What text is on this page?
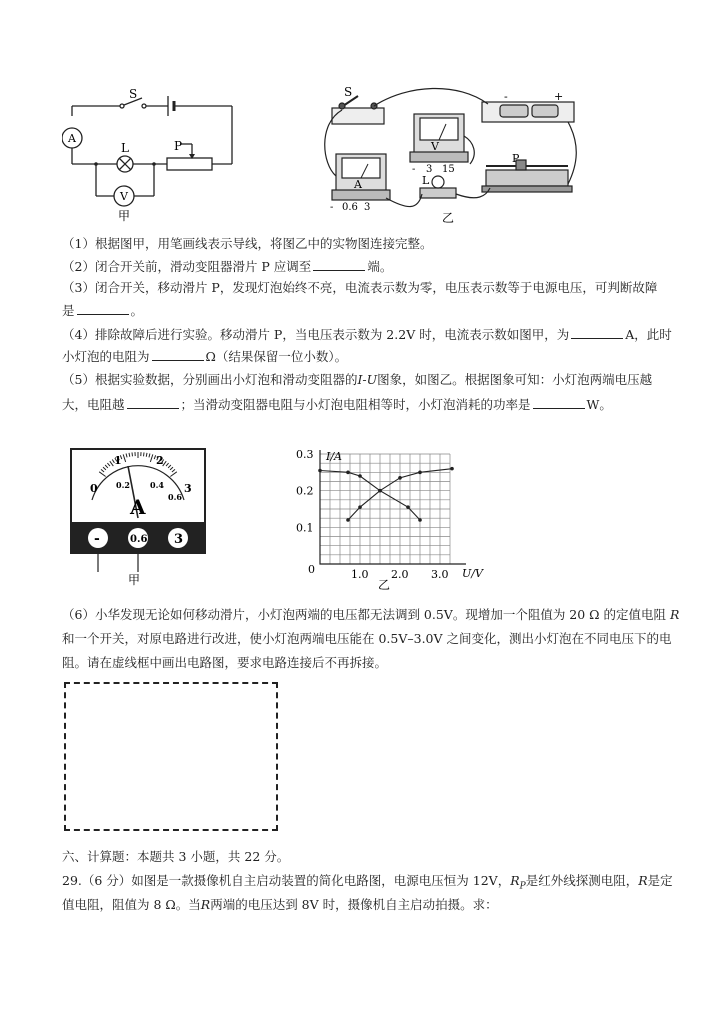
S
A
L	P
V
甲
S
V
A	L
P
- 3 15
- 0.6 3
-	+
乙
（1）根据图甲，用笔画线表示导线，将图乙中的实物图连接完整。
（2）闭合开关前，滑动变阻器滑片 P 应调至	端。
（3）闭合开关，移动滑片 P，发现灯泡始终不亮，电流表示数为零，电压表示数等于电源电压，可判断故障
是	。
（4）排除故障后进行实验。移动滑片 P，当电压表示数为 2.2V 时，电流表示数如图甲，为	A，此时
小灯泡的电阻为	Ω（结果保留一位小数）。
（5）根据实验数据，分别画出小灯泡和滑动变阻器的I-U图象，如图乙。根据图象可知：小灯泡两端电压越
大，电阻越	；当滑动变阻器电阻与小灯泡电阻相等时，小灯泡消耗的功率是	W。
0
1	2
3
0.2	0.4
0.6
A
-	0.6 3
甲	1.0 2.0 3.0
0.1
0.2
0.3 I/A
U/V
0
乙
（6）小华发现无论如何移动滑片，小灯泡两端的电压都无法调到 0.5V。现增加一个阻值为 20 Ω 的定值电阻 R
和一个开关，对原电路进行改进，使小灯泡两端电压能在 0.5V–3.0V 之间变化，测出小灯泡在不同电压下的电
阻。请在虚线框中画出电路图，要求电路连接后不再拆接。
六、计算题：本题共 3 小题，共 22 分。
29.（6 分）如图是一款摄像机自主启动装置的简化电路图，电源电压恒为 12V，$R_P$是红外线探测电阻，R是定
值电阻，阻值为 8 Ω。当R两端的电压达到 8V 时，摄像机自主启动拍摄。求：
